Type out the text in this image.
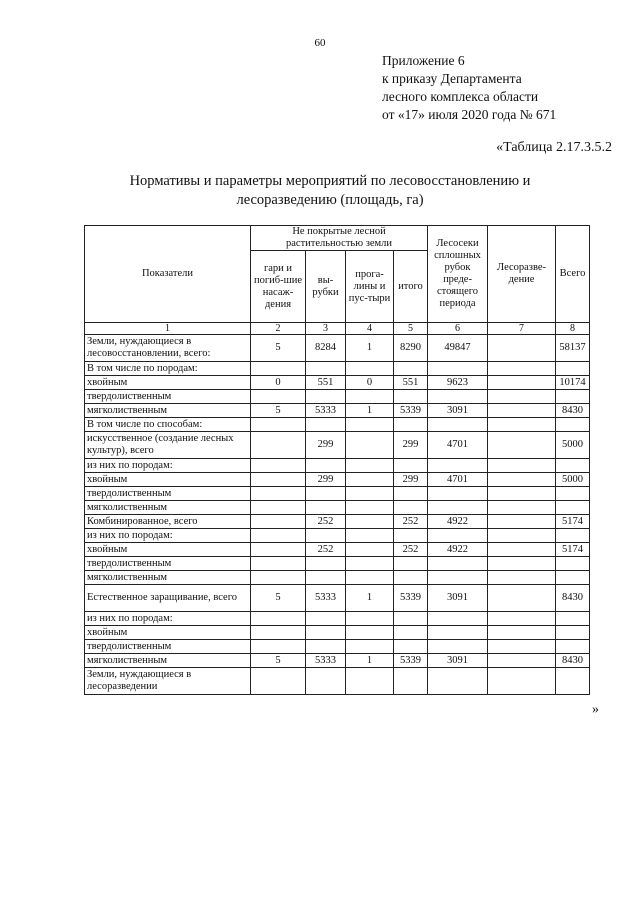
60
Приложение 6
к приказу Департамента
лесного комплекса области
от «17» июля 2020 года № 671
«Таблица 2.17.3.5.2
Нормативы и параметры мероприятий по лесовосстановлению и
лесоразведению (площадь, га)
Показатели	Не покрытые лесной растительностью земли				Лесосеки сплошных рубок преде-стоящего периода	Лесоразве-дение	Всего
	гари и погиб-шие насаж-дения	вы-рубки	прога-лины и пус-тыри	итого			
1	2	3	4	5	6	7	8
Земли, нуждающиеся в лесовосстановлении, всего:	5	8284	1	8290	49847		58137
В том числе по породам:							
хвойным	0	551	0	551	9623		10174
твердолиственным							
мягколиственным	5	5333	1	5339	3091		8430
В том числе по способам:							
искусственное (создание лесных культур), всего		299		299	4701		5000
из них по породам:							
хвойным		299		299	4701		5000
твердолиственным							
мягколиственным							
Комбинированное, всего		252		252	4922		5174
из них по породам:							
хвойным		252		252	4922		5174
твердолиственным							
мягколиственным							
Естественное заращивание, всего	5	5333	1	5339	3091		8430
из них по породам:							
хвойным							
твердолиственным							
мягколиственным	5	5333	1	5339	3091		8430
Земли, нуждающиеся в лесоразведении							
»
